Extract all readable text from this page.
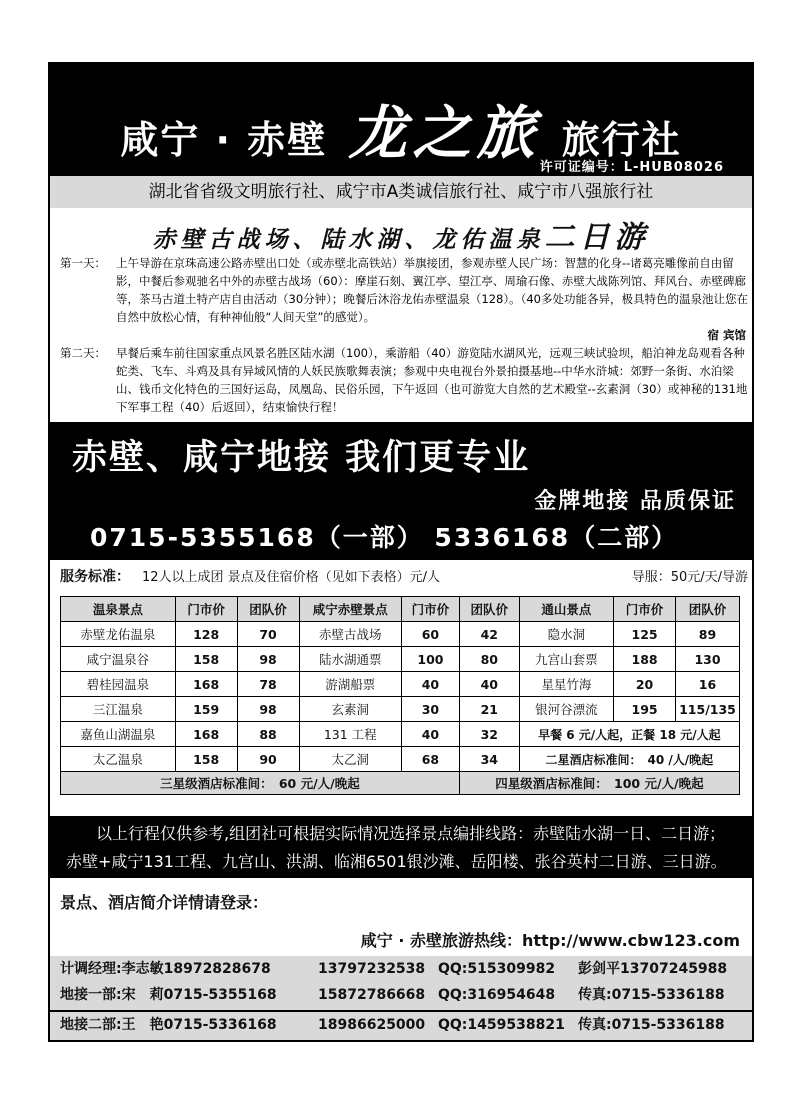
咸宁 · 赤壁 龙之旅 旅行社
许可证编号：L-HUB08026
湖北省省级文明旅行社、咸宁市A类诚信旅行社、咸宁市八强旅行社
赤壁古战场、陆水湖、龙佑温泉二日游
第一天： 上午导游在京珠高速公路赤壁出口处（或赤壁北高铁站）举旗接团，参观赤壁人民广场：智慧的化身--诸葛亮雕像前自由留影，中餐后参观驰名中外的赤壁古战场（60）：摩崖石刻、翼江亭、望江亭、周瑜石像、赤壁大战陈列馆、拜风台、赤壁碑廊等，茶马古道土特产店自由活动（30分钟）；晚餐后沐浴龙佑赤壁温泉（128）。（40多处功能各异，极具特色的温泉池让您在自然中放松心情，有种神仙般“人间天堂”的感觉）。
宿 宾馆
第二天： 早餐后乘车前往国家重点风景名胜区陆水湖（100），乘游船（40）游览陆水湖风光，远观三峡试验坝，船泊神龙岛观看各种蛇类、飞车、斗鸡及具有异域风情的人妖民族歌舞表演；参观中央电视台外景拍摄基地--中华水浒城：郊野一条街、水泊梁山、钱币文化特色的三国好运岛，凤凰岛、民俗乐园，下午返回（也可游览大自然的艺术殿堂--玄素洞（30）或神秘的131地下军事工程（40）后返回），结束愉快行程！
赤壁、咸宁地接 我们更专业
金牌地接 品质保证
0715-5355168（一部） 5336168（二部）
服务标准： 12人以上成团 景点及住宿价格（见如下表格）元/人	导服：50元/天/导游
温泉景点	门市价	团队价	咸宁赤壁景点	门市价	团队价	通山景点	门市价	团队价
赤壁龙佑温泉	128	70	赤壁古战场	60	42	隐水洞	125	89
咸宁温泉谷	158	98	陆水湖通票	100	80	九宫山套票	188	130
碧桂园温泉	168	78	游湖船票	40	40	星星竹海	20	16
三江温泉	159	98	玄素洞	30	21	银河谷漂流	195	115/135
嘉鱼山湖温泉	168	88	131 工程	40	32	早餐 6 元/人起，正餐 18 元/人起		
太乙温泉	158	90	太乙洞	68	34	二星酒店标准间：　40 /人/晚起		
三星级酒店标准间：　60 元/人/晚起					四星级酒店标准间：　100 元/人/晚起			
以上行程仅供参考,组团社可根据实际情况选择景点编排线路：赤壁陆水湖一日、二日游；
赤壁+咸宁131工程、九宫山、洪湖、临湘6501银沙滩、岳阳楼、张谷英村二日游、三日游。
景点、酒店简介详情请登录：
咸宁 · 赤壁旅游热线：http://www.cbw123.com
计调经理:李志敏18972828678	13797232538 QQ:515309982 彭剑平13707245988
地接一部:宋　莉0715-5355168	15872786668 QQ:316954648 传真:0715-5336188
地接二部:王　艳0715-5336168	18986625000 QQ:1459538821 传真:0715-5336188
